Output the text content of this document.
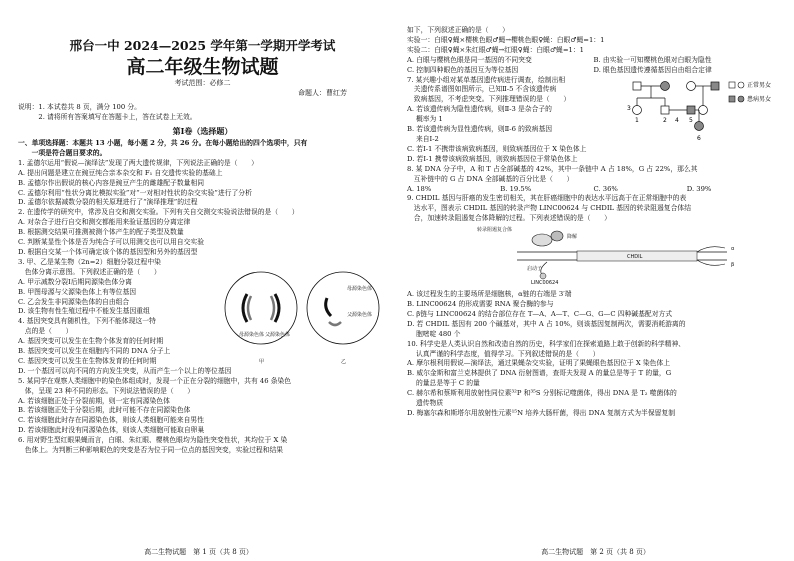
邢台一中 2024—2025 学年第一学期开学考试
高二年级生物试题
考试范围：必修二
命题人：曹红芳
说明：1. 本试卷共 8 页，满分 100 分。
　　　2. 请将所有答案填写在答题卡上，答在试卷上无效。
第Ⅰ卷（选择题）

一、单项选择题：本题共 13 小题，每小题 2 分，共 26 分。在每小题给出的四个选项中，只有

　　一项是符合题目要求的。

1. 孟德尔运用“假说—演绎法”发现了两大遗传规律，下列说法正确的是（　　）

A. 提出问题是建立在豌豆纯合亲本杂交和 F₁ 自交遗传实验的基础上

B. 孟德尔作出假说的核心内容是豌豆产生的雌雄配子数量相同

C. 孟德尔利用“性状分离比模拟实验”对“一对相对性状的杂交实验”进行了分析

D. 孟德尔依据减数分裂的相关原理进行了“演绎推理”的过程

2. 在遗传学的研究中，常涉及自交和测交实验。下列有关自交测交实验说法错误的是（　　）

A. 对杂合子进行自交和测交都能用来验证基因的分离定律

B. 根据测交结果可推测被测个体产生的配子类型及数量

C. 判断某显性个体是否为纯合子可以用测交也可以用自交实验

D. 根据自交某一个体可确定该个体的基因型和另外的基因型

3. 甲、乙是某生物（2n=2）细胞分裂过程中染

　色体分离示意图。下列叙述正确的是（　　）

A. 甲示减数分裂Ⅰ后期同源染色体分离

B. 甲图母源与父源染色体上有等位基因

C. 乙会发生非同源染色体的自由组合

D. 该生物有性生殖过程中不能发生基因重组

4. 基因突变具有随机性，下列不能体现这一特

　点的是（　　）	母源染色体 父源染色体
甲
母源染色体
父源染色体
乙

A. 基因突变可以发生在生物个体发育的任何时期

B. 基因突变可以发生在细胞内不同的 DNA 分子上

C. 基因突变可以发生在生物体发育的任何时期

D. 一个基因可以向不同的方向发生突变，从而产生一个以上的等位基因

5. 某同学在观察人类细胞中的染色体组成时，发现一个正在分裂的细胞中，共有 46 条染色

　体，呈现 23 种不同的形态。下列说法错误的是（　　）

A. 若该细胞正处于分裂前期，则一定有同源染色体

B. 若该细胞正处于分裂后期，此时可能不存在同源染色体

C. 若该细胞此时存在同源染色体，则该人类细胞可能来自男性

D. 若该细胞此时没有同源染色体，则该人类细胞可能取自卵巢

6. 用对野生型红眼果蝇而言，白眼、朱红眼、樱桃色眼均为隐性突变性状，其均位于 X 染

　色体上。为判断三种影响眼色的突变是否为位于同一位点的基因突变，实验过程和结果

高二生物试题　第 1 页（共 8 页）

如下，下列叙述正确的是（　　）

实验一：白眼♀蝇×樱桃色眼♂蝇→樱桃色眼♀蝇：白眼♂蝇=1：1

实验二：白眼♀蝇×朱红眼♂蝇→红眼♀蝇：白眼♂蝇=1：1

A. 白眼与樱桃色眼是同一基因的不同突变	B. 由实验一可知樱桃色眼对白眼为隐性
C. 控制四种眼色的基因互为等位基因	D. 眼色基因遗传遵循基因自由组合定律

7. 某兴趣小组对某单基因遗传病进行调查，绘制出相

　关遗传系谱图如图所示，已知Ⅱ-5 不含该遗传病

　致病基因，不考虑突变。下列推理错误的是（　　）

A. 若该遗传病为隐性遗传病，则Ⅱ-3 是杂合子的

　 概率为 1

B. 若该遗传病为显性遗传病，则Ⅱ-6 的致病基因

　 来自Ⅰ-2

1	2
3
4 5
6
正常男女
患病男女

C. 若Ⅰ-1 不携带该病致病基因，则致病基因位于 X 染色体上

D. 若Ⅰ-1 携带该病致病基因，则致病基因位于常染色体上

8. 某 DNA 分子中，A 和 T 占全部碱基的 42%，其中一条链中 A 占 18%，G 占 22%，那么其

　互补链中的 G 占 DNA 全部碱基的百分比是（　　）

A. 18%	B. 19.5%	C. 36%	D. 39%

9. CHDIL 基因与肝癌的发生密切相关，其在肝癌细胞中的表达水平远高于在正常细胞中的表

　达水平，图表示 CHDIL 基因的转录产物 LINC00624 与 CHDIL 基因的转录阻遏复合体结

　合，加速转录阻遏复合体降解的过程。下列表述错误的是（　　）

转录阻遏复合体
降解
CHDIL
α
β
启动子
LINC00624

A. 该过程发生的主要场所是细胞核，α链的右端是 3′端

B. LINC00624 的形成需要 RNA 聚合酶的参与

C. β链与 LINC00624 的结合部位存在 T—A、A—T、C—G、G—C 四种碱基配对方式

D. 若 CHDIL 基因有 200 个碱基对，其中 A 占 10%，则该基因复制两次，需要消耗游离的

　 胞嘧啶 480 个

10. 科学史是人类认识自然和改造自然的历史，科学家们在探索道路上敢于创新的科学精神、

　 认真严谨的科学态度，值得学习。下列叙述错误的是（　　）

A. 摩尔根利用假说—演绎法，通过果蝇杂交实验，证明了果蝇眼色基因位于 X 染色体上

B. 威尔金斯和富兰克林提供了 DNA 衍射图谱，查哥夫发现 A 的量总是等于 T 的量，G

　 的量总是等于 C 的量

C. 赫尔希和蔡斯利用放射性同位素³²P 和³⁵S 分别标记噬菌体，得出 DNA 是 T₂ 噬菌体的

　 遗传物质

D. 梅塞尔森和斯塔尔用放射性元素¹⁵N 培养大肠杆菌，得出 DNA 复制方式为半保留复制

高二生物试题　第 2 页（共 8 页）
